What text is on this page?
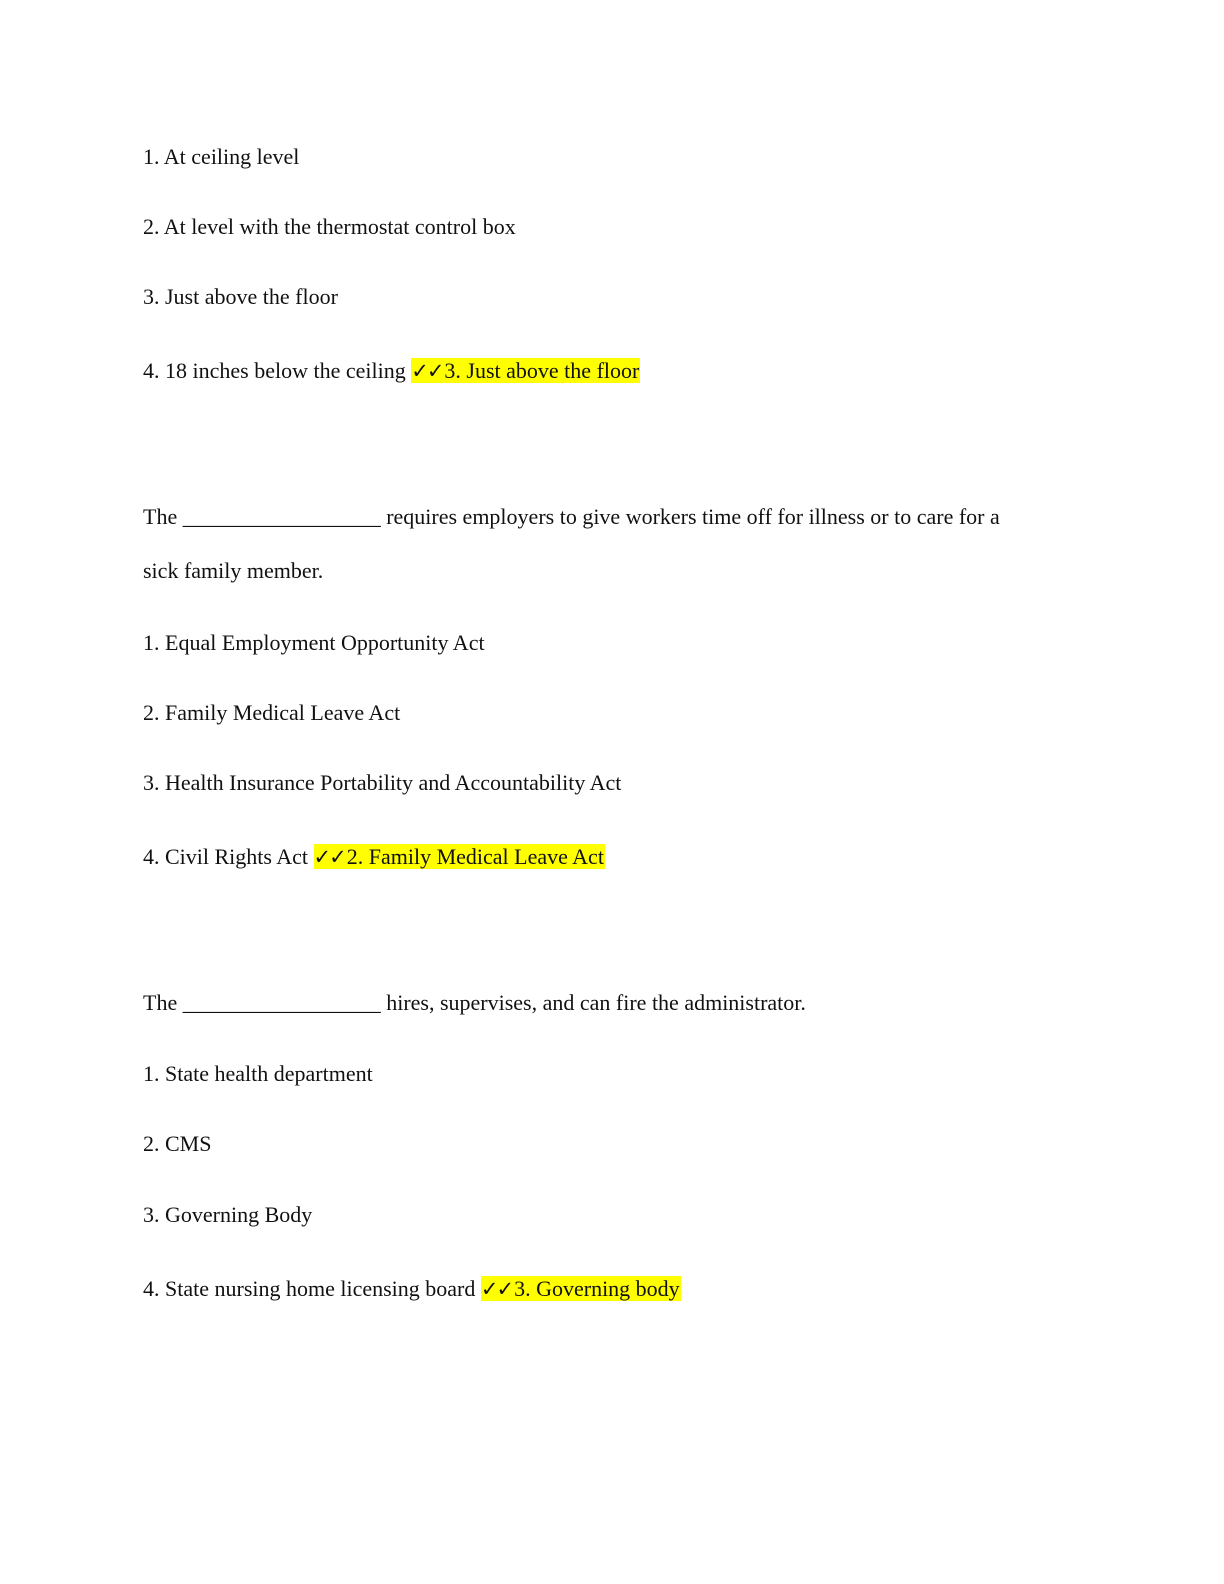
1. At ceiling level
2. At level with the thermostat control box
3. Just above the floor
4. 18 inches below the ceiling ✓✓3. Just above the floor
The __________________ requires employers to give workers time off for illness or to care for a
sick family member.
1. Equal Employment Opportunity Act
2. Family Medical Leave Act
3. Health Insurance Portability and Accountability Act
4. Civil Rights Act ✓✓2. Family Medical Leave Act
The __________________ hires, supervises, and can fire the administrator.
1. State health department
2. CMS
3. Governing Body
4. State nursing home licensing board ✓✓3. Governing body
